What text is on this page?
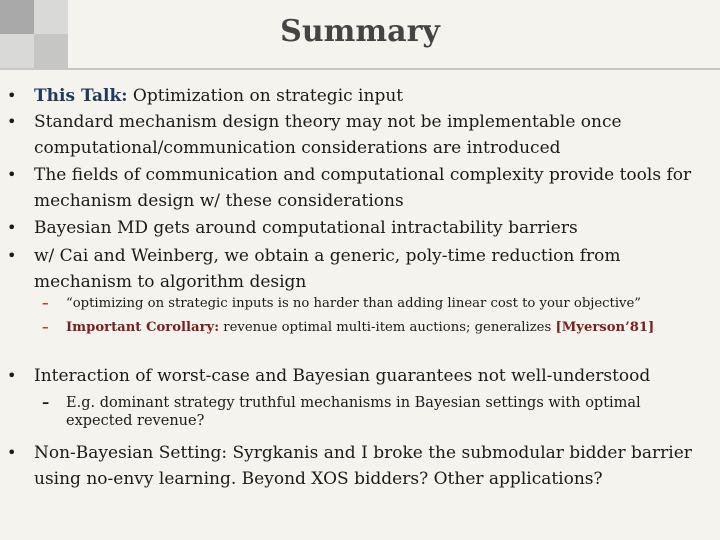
Summary
• This Talk: Optimization on strategic input
• Standard mechanism design theory may not be implementable once computational/communication considerations are introduced
• The fields of communication and computational complexity provide tools for mechanism design w/ these considerations
• Bayesian MD gets around computational intractability barriers
• w/ Cai and Weinberg, we obtain a generic, poly-time reduction from mechanism to algorithm design
– “optimizing on strategic inputs is no harder than adding linear cost to your objective”
– Important Corollary: revenue optimal multi-item auctions; generalizes [Myerson’81]
• Interaction of worst-case and Bayesian guarantees not well-understood
– E.g. dominant strategy truthful mechanisms in Bayesian settings with optimal expected revenue?
• Non-Bayesian Setting: Syrgkanis and I broke the submodular bidder barrier using no-envy learning. Beyond XOS bidders? Other applications?
